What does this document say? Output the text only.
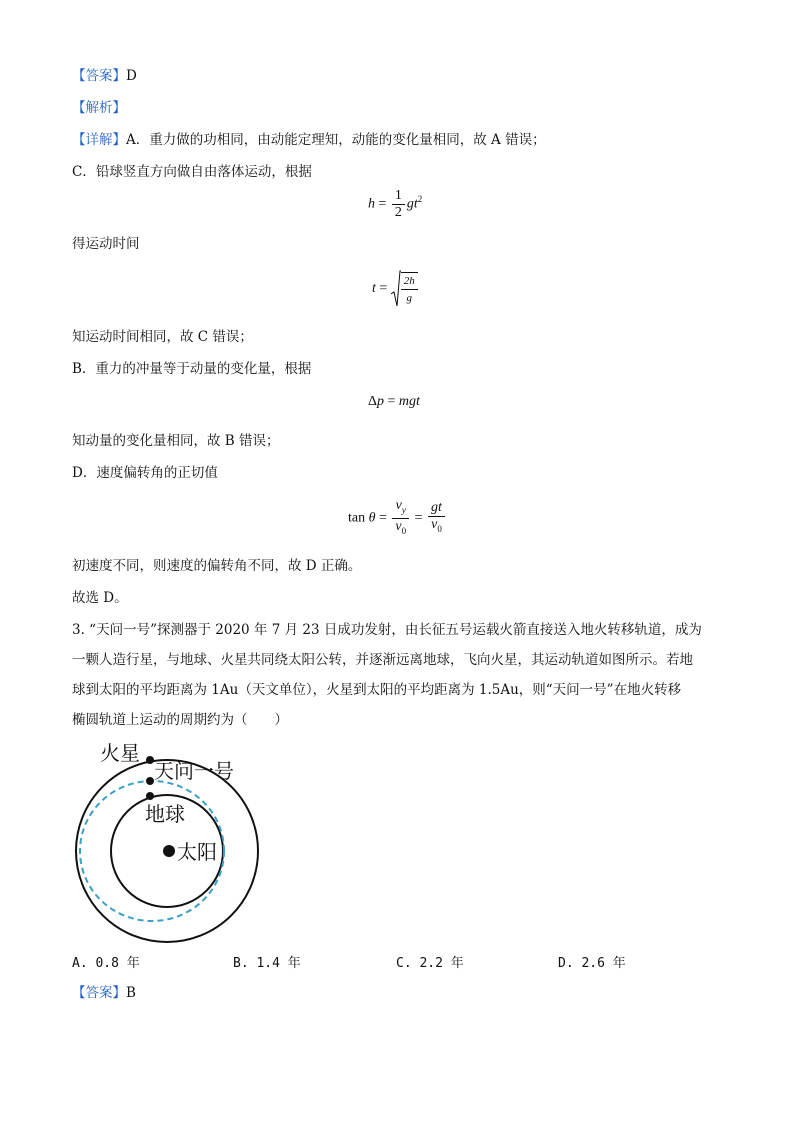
【答案】D
【解析】
【详解】A．重力做的功相同，由动能定理知，动能的变化量相同，故 A 错误；
C．铅球竖直方向做自由落体运动，根据
$h = \frac{1}{2} gt^2$
得运动时间
$t = \frac{2h}{g}$
知运动时间相同，故 C 错误；
B．重力的冲量等于动量的变化量，根据
Δp = mgt
知动量的变化量相同，故 B 错误；
D．速度偏转角的正切值
$\tan \theta = \frac{v_y}{v_0} = \frac{gt}{v_0}$
初速度不同，则速度的偏转角不同，故 D 正确。
故选 D。
3. “天问一号”探测器于 2020 年 7 月 23 日成功发射，由长征五号运载火箭直接送入地火转移轨道，成为
一颗人造行星，与地球、火星共同绕太阳公转，并逐渐远离地球，飞向火星，其运动轨道如图所示。若地
球到太阳的平均距离为 1Au（天文单位），火星到太阳的平均距离为 1.5Au，则“天问一号”在地火转移
椭圆轨道上运动的周期约为（　　）
火星
天问一号
地球
太阳
A. 0.8 年	B. 1.4 年	C. 2.2 年	D. 2.6 年
【答案】B
